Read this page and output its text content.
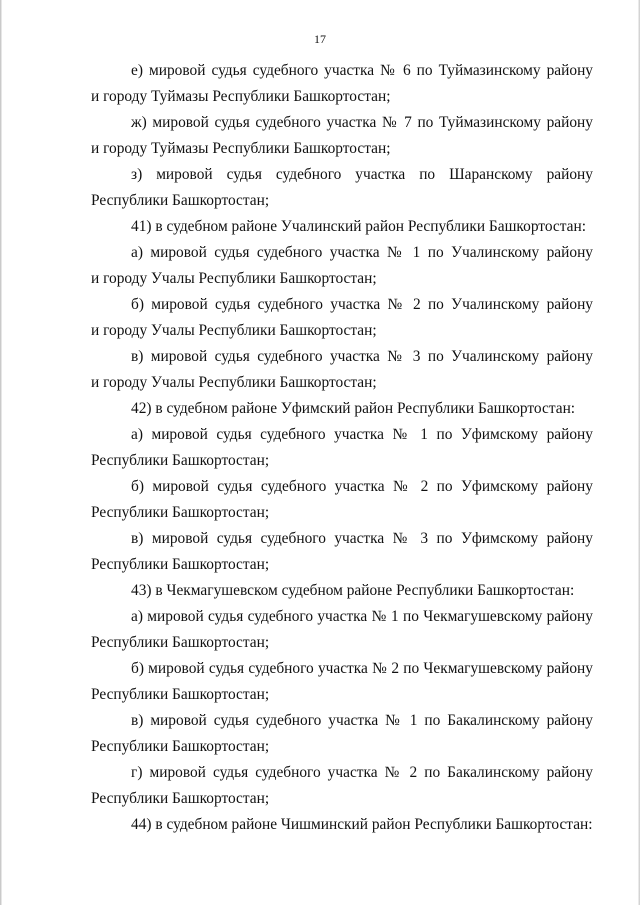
17

е) мировой судья судебного участка № 6 по Туймазинскому району
и городу Туймазы Республики Башкортостан;

ж) мировой судья судебного участка № 7 по Туймазинскому району
и городу Туймазы Республики Башкортостан;

з) мировой судья судебного участка по Шаранскому району
Республики Башкортостан;

41) в судебном районе Учалинский район Республики Башкортостан:

а) мировой судья судебного участка № 1 по Учалинскому району
и городу Учалы Республики Башкортостан;

б) мировой судья судебного участка № 2 по Учалинскому району
и городу Учалы Республики Башкортостан;

в) мировой судья судебного участка № 3 по Учалинскому району
и городу Учалы Республики Башкортостан;

42) в судебном районе Уфимский район Республики Башкортостан:

а) мировой судья судебного участка № 1 по Уфимскому району
Республики Башкортостан;

б) мировой судья судебного участка № 2 по Уфимскому району
Республики Башкортостан;

в) мировой судья судебного участка № 3 по Уфимскому району
Республики Башкортостан;

43) в Чекмагушевском судебном районе Республики Башкортостан:

а) мировой судья судебного участка № 1 по Чекмагушевскому району
Республики Башкортостан;

б) мировой судья судебного участка № 2 по Чекмагушевскому району
Республики Башкортостан;

в) мировой судья судебного участка № 1 по Бакалинскому району
Республики Башкортостан;

г) мировой судья судебного участка № 2 по Бакалинскому району
Республики Башкортостан;

44) в судебном районе Чишминский район Республики Башкортостан:
